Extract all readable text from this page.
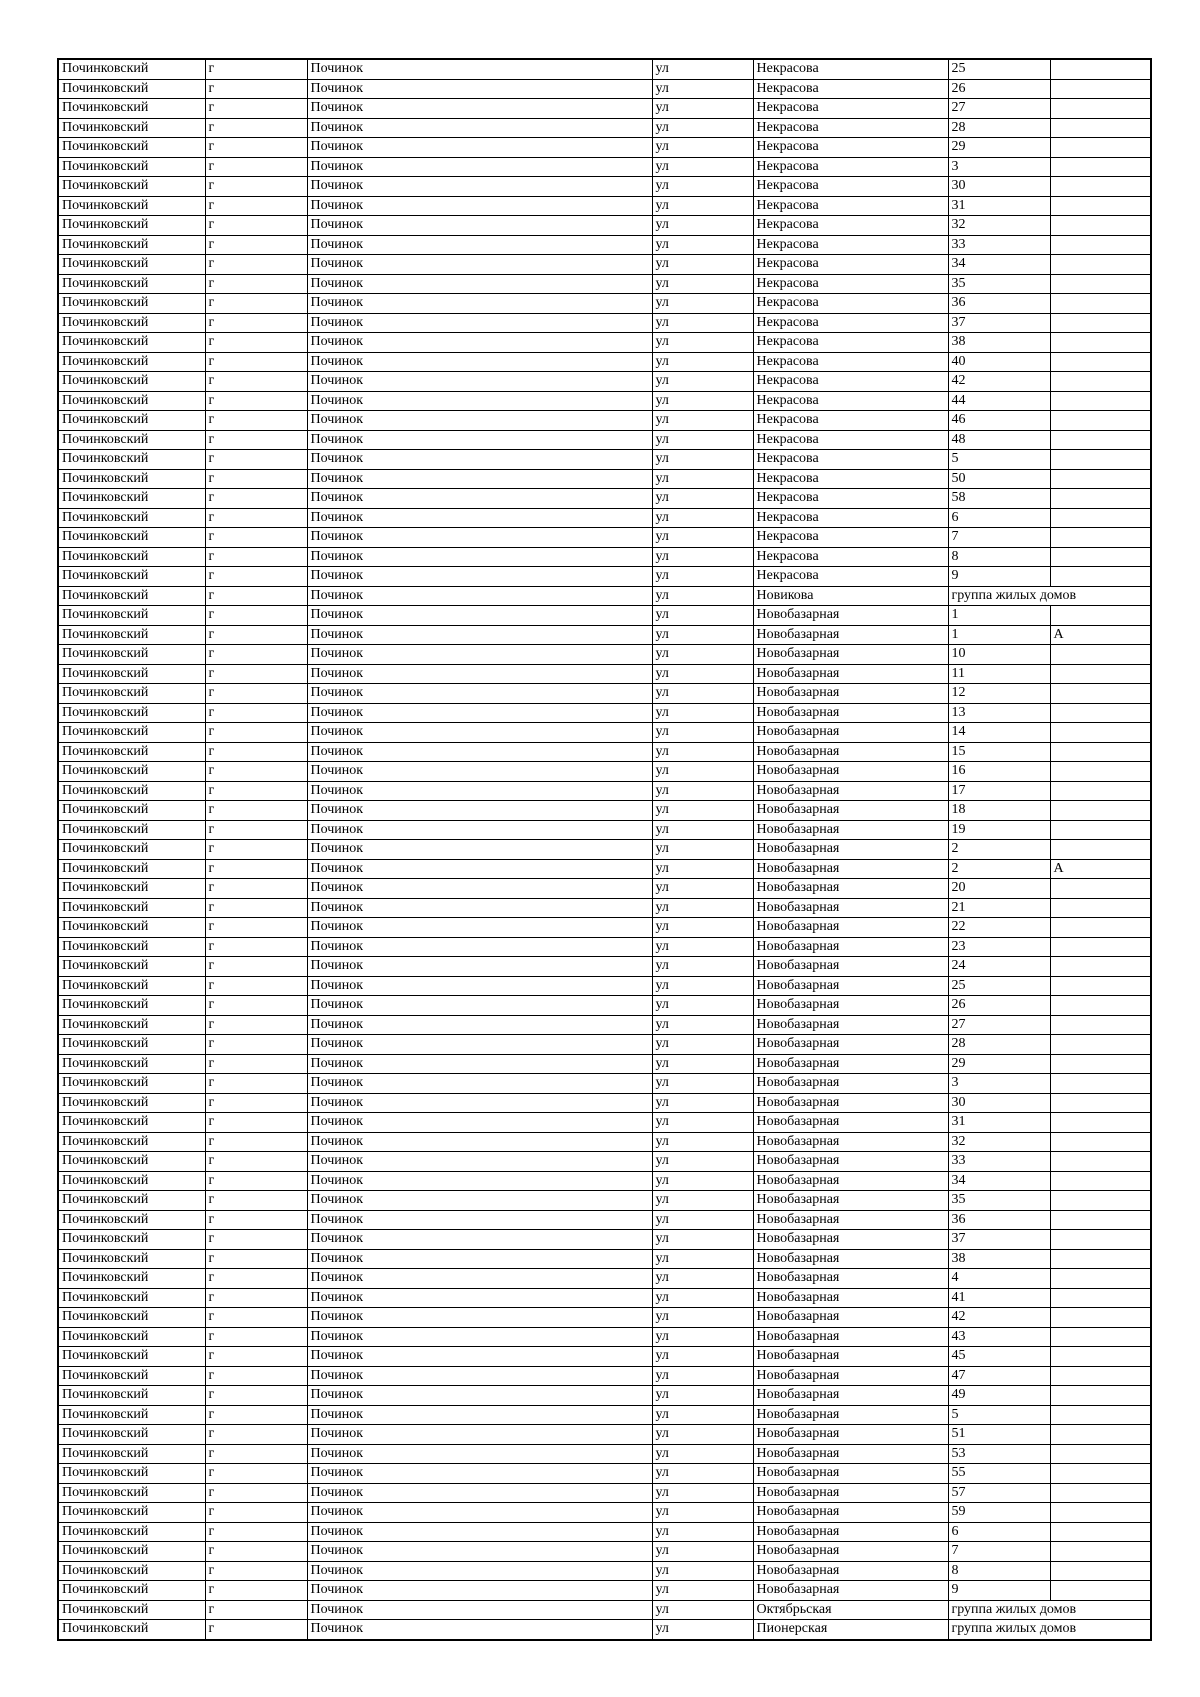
Починковский	г	Починок	ул	Некрасова	25	
Починковский	г	Починок	ул	Некрасова	26	
Починковский	г	Починок	ул	Некрасова	27	
Починковский	г	Починок	ул	Некрасова	28	
Починковский	г	Починок	ул	Некрасова	29	
Починковский	г	Починок	ул	Некрасова	3	
Починковский	г	Починок	ул	Некрасова	30	
Починковский	г	Починок	ул	Некрасова	31	
Починковский	г	Починок	ул	Некрасова	32	
Починковский	г	Починок	ул	Некрасова	33	
Починковский	г	Починок	ул	Некрасова	34	
Починковский	г	Починок	ул	Некрасова	35	
Починковский	г	Починок	ул	Некрасова	36	
Починковский	г	Починок	ул	Некрасова	37	
Починковский	г	Починок	ул	Некрасова	38	
Починковский	г	Починок	ул	Некрасова	40	
Починковский	г	Починок	ул	Некрасова	42	
Починковский	г	Починок	ул	Некрасова	44	
Починковский	г	Починок	ул	Некрасова	46	
Починковский	г	Починок	ул	Некрасова	48	
Починковский	г	Починок	ул	Некрасова	5	
Починковский	г	Починок	ул	Некрасова	50	
Починковский	г	Починок	ул	Некрасова	58	
Починковский	г	Починок	ул	Некрасова	6	
Починковский	г	Починок	ул	Некрасова	7	
Починковский	г	Починок	ул	Некрасова	8	
Починковский	г	Починок	ул	Некрасова	9	
Починковский	г	Починок	ул	Новикова	группа жилых домов	
Починковский	г	Починок	ул	Новобазарная	1	
Починковский	г	Починок	ул	Новобазарная	1	А
Починковский	г	Починок	ул	Новобазарная	10	
Починковский	г	Починок	ул	Новобазарная	11	
Починковский	г	Починок	ул	Новобазарная	12	
Починковский	г	Починок	ул	Новобазарная	13	
Починковский	г	Починок	ул	Новобазарная	14	
Починковский	г	Починок	ул	Новобазарная	15	
Починковский	г	Починок	ул	Новобазарная	16	
Починковский	г	Починок	ул	Новобазарная	17	
Починковский	г	Починок	ул	Новобазарная	18	
Починковский	г	Починок	ул	Новобазарная	19	
Починковский	г	Починок	ул	Новобазарная	2	
Починковский	г	Починок	ул	Новобазарная	2	А
Починковский	г	Починок	ул	Новобазарная	20	
Починковский	г	Починок	ул	Новобазарная	21	
Починковский	г	Починок	ул	Новобазарная	22	
Починковский	г	Починок	ул	Новобазарная	23	
Починковский	г	Починок	ул	Новобазарная	24	
Починковский	г	Починок	ул	Новобазарная	25	
Починковский	г	Починок	ул	Новобазарная	26	
Починковский	г	Починок	ул	Новобазарная	27	
Починковский	г	Починок	ул	Новобазарная	28	
Починковский	г	Починок	ул	Новобазарная	29	
Починковский	г	Починок	ул	Новобазарная	3	
Починковский	г	Починок	ул	Новобазарная	30	
Починковский	г	Починок	ул	Новобазарная	31	
Починковский	г	Починок	ул	Новобазарная	32	
Починковский	г	Починок	ул	Новобазарная	33	
Починковский	г	Починок	ул	Новобазарная	34	
Починковский	г	Починок	ул	Новобазарная	35	
Починковский	г	Починок	ул	Новобазарная	36	
Починковский	г	Починок	ул	Новобазарная	37	
Починковский	г	Починок	ул	Новобазарная	38	
Починковский	г	Починок	ул	Новобазарная	4	
Починковский	г	Починок	ул	Новобазарная	41	
Починковский	г	Починок	ул	Новобазарная	42	
Починковский	г	Починок	ул	Новобазарная	43	
Починковский	г	Починок	ул	Новобазарная	45	
Починковский	г	Починок	ул	Новобазарная	47	
Починковский	г	Починок	ул	Новобазарная	49	
Починковский	г	Починок	ул	Новобазарная	5	
Починковский	г	Починок	ул	Новобазарная	51	
Починковский	г	Починок	ул	Новобазарная	53	
Починковский	г	Починок	ул	Новобазарная	55	
Починковский	г	Починок	ул	Новобазарная	57	
Починковский	г	Починок	ул	Новобазарная	59	
Починковский	г	Починок	ул	Новобазарная	6	
Починковский	г	Починок	ул	Новобазарная	7	
Починковский	г	Починок	ул	Новобазарная	8	
Починковский	г	Починок	ул	Новобазарная	9	
Починковский	г	Починок	ул	Октябрьская	группа жилых домов	
Починковский	г	Починок	ул	Пионерская	группа жилых домов	
